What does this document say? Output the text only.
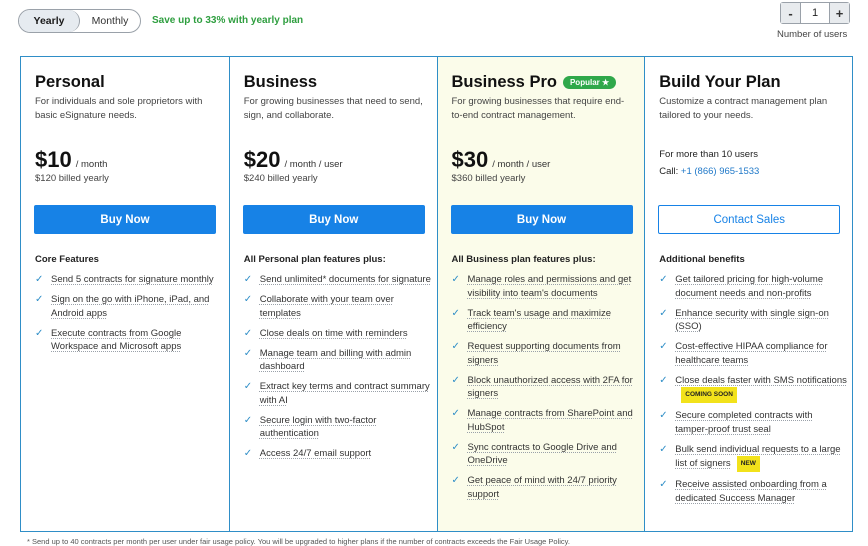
Yearly	Monthly	Save up to 33% with yearly plan	-	1	+
Number of users
Personal
For individuals and sole proprietors with basic eSignature needs.
$10 / month
$120 billed yearly
Buy Now
Core Features
✓ Send 5 contracts for signature monthly
✓ Sign on the go with iPhone, iPad, and Android apps
✓ Execute contracts from Google Workspace and Microsoft apps
Business
For growing businesses that need to send, sign, and collaborate.
$20 / month / user
$240 billed yearly
Buy Now
All Personal plan features plus:
✓ Send unlimited* documents for signature
✓ Collaborate with your team over templates
✓ Close deals on time with reminders
✓ Manage team and billing with admin dashboard
✓ Extract key terms and contract summary with AI
✓ Secure login with two-factor authentication
✓ Access 24/7 email support
Business Pro	Popular ★
For growing businesses that require end-to-end contract management.
$30 / month / user
$360 billed yearly
Buy Now
All Business plan features plus:
✓ Manage roles and permissions and get visibility into team's documents
✓ Track team's usage and maximize efficiency
✓ Request supporting documents from signers
✓ Block unauthorized access with 2FA for signers
✓ Manage contracts from SharePoint and HubSpot
✓ Sync contracts to Google Drive and OneDrive
✓ Get peace of mind with 24/7 priority support
Build Your Plan
Customize a contract management plan tailored to your needs.
For more than 10 users
Call: +1 (866) 965-1533
Contact Sales
Additional benefits
✓ Get tailored pricing for high-volume document needs and non-profits
✓ Enhance security with single sign-on (SSO)
✓ Cost-effective HIPAA compliance for healthcare teams
✓ Close deals faster with SMS notificationsCOMING SOON
✓ Secure completed contracts with tamper-proof trust seal
✓ Bulk send individual requests to a large list of signers NEW
✓ Receive assisted onboarding from a dedicated Success Manager
* Send up to 40 contracts per month per user under fair usage policy. You will be upgraded to higher plans if the number of contracts exceeds the Fair Usage Policy.
